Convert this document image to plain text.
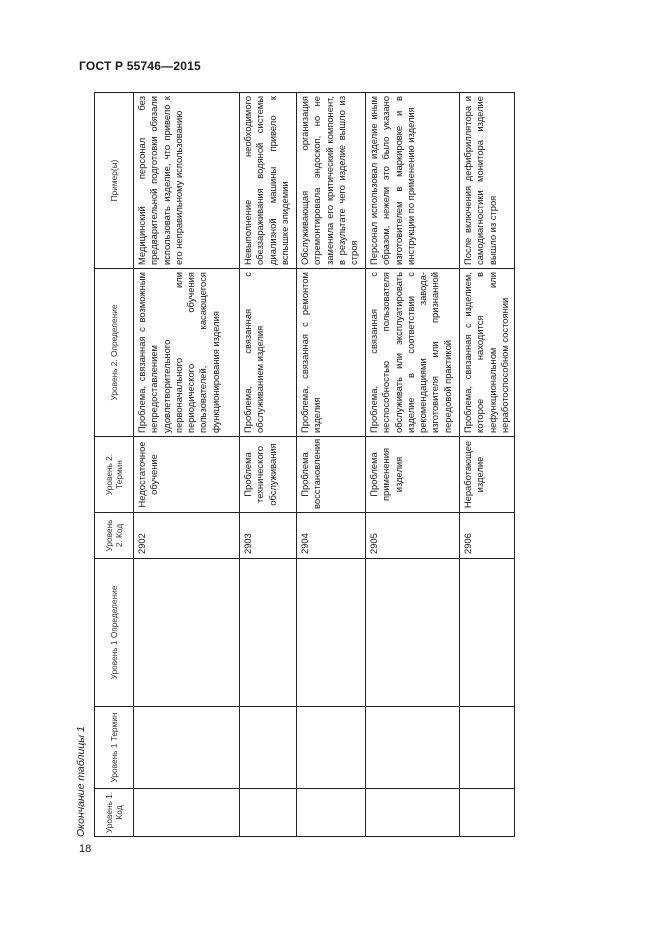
ГОСТ Р 55746—2015
Окончание таблицы 1 Уровень 1. Код	Уровень 1 Термин	Уровень 1 Определение	Уровень 2. Код	Уровень 2. Термин	Уровень 2. Определение	Пример(ы)
			2902	Недостаточное обучение	Проблема, связанная с возможным непредоставлением удовлетворительного первоначального или периодического обучения пользователей, касающегося функционирования изделия	Медицинский персонал без предварительной подготовки обязали использовать изделие, что привело к его неправильному использованию
			2903	Проблема технического обслуживания	Проблема, связанная с обслуживанием изделия	Невыполнение необходимого обеззараживания водяной системы диализной машины привело к вспышке эпидемии
			2904	Проблема восстановления	Проблема, связанная с ремонтом изделия	Обслуживающая организация отремонтировала эндоскоп, но не заменила его критический компонент, в результате чего изделие вышло из строя
			2905	Проблема применения изделия	Проблема, связанная с неспособностью пользователя обслуживать или эксплуатировать изделие в соответствии с рекомендациями завода-изготовителя или признанной передовой практикой	Персонал использовал изделие иным образом, нежели это было указано изготовителем в маркировке и в инструкции по применению изделия
			2906	Неработающее изделие	Проблема, связанная с изделием, которое находится в нефункциональном или неработоспособном состоянии	После включения дефибриллятора и самодиагностики монитора изделие вышло из строя
18
